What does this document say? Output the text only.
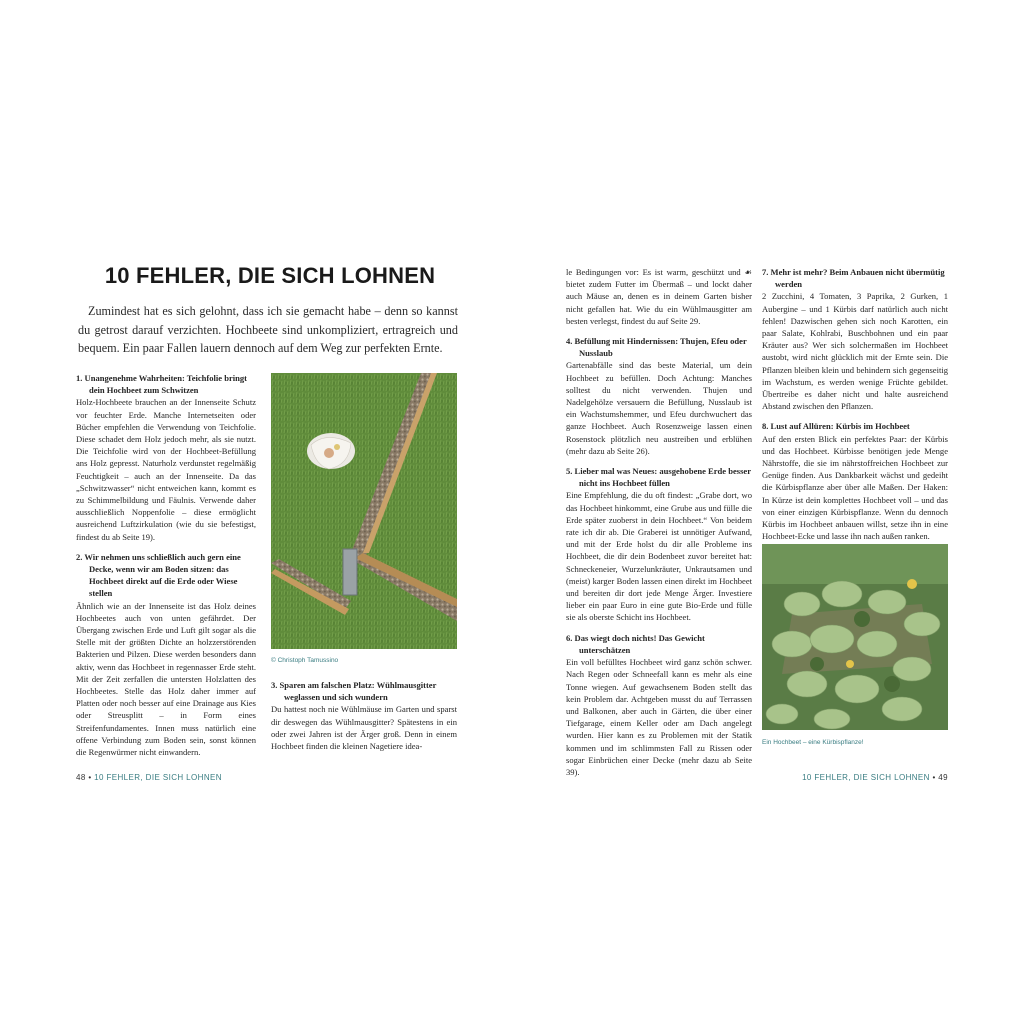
10 FEHLER, DIE SICH LOHNEN

Zumindest hat es sich gelohnt, dass ich sie gemacht habe – denn so kannst du getrost darauf verzichten. Hochbeete sind unkompliziert, ertragreich und bequem. Ein paar Fallen lauern dennoch auf dem Weg zur perfekten Ernte.

1. Unangenehme Wahrheiten: Teichfolie bringt dein Hochbeet zum Schwitzen
Holz-Hochbeete brauchen an der Innenseite Schutz vor feuchter Erde. Manche Internetseiten oder Bücher empfehlen die Verwendung von Teichfolie. Diese schadet dem Holz jedoch mehr, als sie nutzt. Die Teichfolie wird von der Hochbeet-Befüllung ans Holz gepresst. Naturholz verdunstet regelmäßig Feuchtigkeit – auch an der Innenseite. Da das „Schwitzwasser“ nicht entweichen kann, kommt es zu Schimmelbildung und Fäulnis. Verwende daher ausschließlich Noppenfolie – diese ermöglicht ausreichend Luftzirkulation (wie du sie befestigst, findest du ab Seite 19).
2. Wir nehmen uns schließlich auch gern eine Decke, wenn wir am Boden sitzen: das Hochbeet direkt auf die Erde oder Wiese stellen
Ähnlich wie an der Innenseite ist das Holz deines Hochbeetes auch von unten gefährdet. Der Übergang zwischen Erde und Luft gilt sogar als die Stelle mit der größten Dichte an holzzerstörenden Bakterien und Pilzen. Diese werden besonders dann aktiv, wenn das Hochbeet in regennasser Erde steht. Mit der Zeit zerfallen die untersten Holzlatten des Hochbeetes. Stelle das Holz daher immer auf Platten oder noch besser auf eine Drainage aus Kies oder Streusplitt – in Form eines Streifenfundamentes. Innen muss natürlich eine offene Verbindung zum Boden sein, sonst können die Regenwürmer nicht einwandern.
© Christoph Tamussino
3. Sparen am falschen Platz: Wühlmausgitter weglassen und sich wundern
Du hattest noch nie Wühlmäuse im Garten und sparst dir deswegen das Wühlmausgitter? Spätestens in ein oder zwei Jahren ist der Ärger groß. Denn in einem Hochbeet finden die kleinen Nagetiere idea-
le Bedingungen vor: Es ist warm, geschützt und ☙ bietet zudem Futter im Übermaß – und lockt daher auch Mäuse an, denen es in deinem Garten bisher nicht gefallen hat. Wie du ein Wühlmausgitter am besten verlegst, findest du auf Seite 29.
4. Befüllung mit Hindernissen: Thujen, Efeu oder Nusslaub
Gartenabfälle sind das beste Material, um dein Hochbeet zu befüllen. Doch Achtung: Manches solltest du nicht verwenden. Thujen und Nadelgehölze versauern die Befüllung, Nusslaub ist ein Wachstumshemmer, und Efeu durchwuchert das ganze Hochbeet. Auch Rosenzweige lassen einen Rosenstock plötzlich neu austreiben und erblühen (mehr dazu ab Seite 26).
5. Lieber mal was Neues: ausgehobene Erde besser nicht ins Hochbeet füllen
Eine Empfehlung, die du oft findest: „Grabe dort, wo das Hochbeet hinkommt, eine Grube aus und fülle die Erde später zuoberst in dein Hochbeet.“ Von beidem rate ich dir ab. Die Graberei ist unnötiger Aufwand, und mit der Erde holst du dir alle Probleme ins Hochbeet, die dir dein Bodenbeet zuvor bereitet hat: Schneckeneier, Wurzelunkräuter, Unkrautsamen und (meist) karger Boden lassen einen direkt im Hochbeet und bereiten dir dort jede Menge Ärger. Investiere lieber ein paar Euro in eine gute Bio-Erde und fülle sie als oberste Schicht ins Hochbeet.
6. Das wiegt doch nichts! Das Gewicht unterschätzen
Ein voll befülltes Hochbeet wird ganz schön schwer. Nach Regen oder Schneefall kann es mehr als eine Tonne wiegen. Auf gewachsenem Boden stellt das kein Problem dar. Achtgeben musst du auf Terrassen und Balkonen, aber auch in Gärten, die über einer Tiefgarage, einem Keller oder am Dach angelegt wurden. Hier kann es zu Problemen mit der Statik kommen und im schlimmsten Fall zu Rissen oder sogar Einbrüchen einer Decke (mehr dazu ab Seite 39).
7. Mehr ist mehr? Beim Anbauen nicht übermütig werden
2 Zucchini, 4 Tomaten, 3 Paprika, 2 Gurken, 1 Aubergine – und 1 Kürbis darf natürlich auch nicht fehlen! Dazwischen gehen sich noch Karotten, ein paar Salate, Kohlrabi, Buschbohnen und ein paar Kräuter aus? Wer sich solchermaßen im Hochbeet austobt, wird nicht glücklich mit der Ernte sein. Die Pflanzen bleiben klein und behindern sich gegenseitig im Wachstum, es werden wenige Früchte gebildet. Übertreibe es daher nicht und halte ausreichend Abstand zwischen den Pflanzen.
8. Lust auf Allüren: Kürbis im Hochbeet
Auf den ersten Blick ein perfektes Paar: der Kürbis und das Hochbeet. Kürbisse benötigen jede Menge Nährstoffe, die sie im nährstoffreichen Hochbeet zur Genüge finden. Aus Dankbarkeit wächst und gedeiht die Kürbispflanze aber über alle Maßen. Der Haken: In Kürze ist dein komplettes Hochbeet voll – und das von einer einzigen Kürbispflanze. Wenn du dennoch Kürbis im Hochbeet anbauen willst, setze ihn in eine Hochbeet-Ecke und lasse ihn nach außen ranken.
Ein Hochbeet – eine Kürbispflanze!
48 • 10 FEHLER, DIE SICH LOHNEN	10 FEHLER, DIE SICH LOHNEN • 49
